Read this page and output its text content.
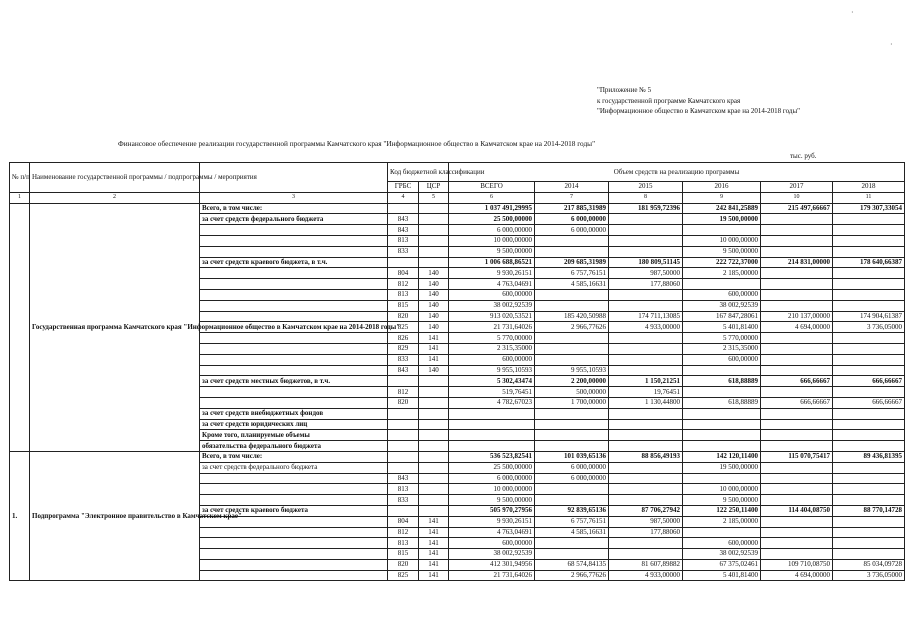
·
·
"Приложение № 5
к государственной программе Камчатского края
"Информационное общество в Камчатском крае на 2014-2018 годы"
Финансовое обеспечение реализации государственной программы Камчатского края "Информационное общество в Камчатском крае на 2014-2018 годы"
тыс. руб.
№ п/п	Наименование государственной программы / подпрограммы / мероприятия		Код бюджетной классификации		Объем средств на реализацию программы					
			ГРБС	ЦСР	ВСЕГО	2014	2015	2016	2017	2018
1	2	3	4	5	6	7	8	9	10	11
	Государственная программа Камчатского края "Информационное общество в Камчатском крае на 2014-2018 годы"	Всего, в том числе:			1 037 491,29995	217 885,31989	181 959,72396	242 841,25889	215 497,66667	179 307,33054
		за счет средств федерального бюджета	843		25 500,00000	6 000,00000		19 500,00000		
			843		6 000,00000	6 000,00000				
			813		10 000,00000			10 000,00000		
			833		9 500,00000			9 500,00000		
		за счет средств краевого бюджета, в т.ч.			1 006 688,86521	209 685,31989	180 809,51145	222 722,37000	214 831,00000	178 640,66387
			804	140	9 930,26151	6 757,76151	987,50000	2 185,00000		
			812	140	4 763,04691	4 585,16631	177,88060			
			813	140	600,00000			600,00000		
			815	140	38 002,92539			38 002,92539		
			820	140	913 020,53521	185 420,50988	174 711,13085	167 847,28061	210 137,00000	174 904,61387
			825	140	21 731,64026	2 966,77626	4 933,00000	5 401,81400	4 694,00000	3 736,05000
			826	141	5 770,00000			5 770,00000		
			829	141	2 315,35000			2 315,35000		
			833	141	600,00000			600,00000		
			843	140	9 955,10593	9 955,10593				
		за счет средств местных бюджетов, в т.ч.			5 302,43474	2 200,00000	1 150,21251	618,88889	666,66667	666,66667
			812		519,76451	500,00000	19,76451			
			820		4 782,67023	1 700,00000	1 130,44800	618,88889	666,66667	666,66667
		за счет средств внебюджетных фондов								
		за счет средств юридических лиц								
		Кроме того, планируемые объемы								
		обязательства федерального бюджета								
1.	Подпрограмма "Электронное правительство в Камчатском крае"	Всего, в том числе:			536 523,82541	101 039,65136	88 856,49193	142 120,11400	115 070,75417	89 436,81395
		за счет средств федерального бюджета			25 500,00000	6 000,00000		19 500,00000		
			843		6 000,00000	6 000,00000				
			813		10 000,00000			10 000,00000		
			833		9 500,00000			9 500,00000		
		за счет средств краевого бюджета			505 970,27956	92 839,65136	87 706,27942	122 250,11400	114 404,08750	88 770,14728
			804	141	9 930,26151	6 757,76151	987,50000	2 185,00000		
			812	141	4 763,04691	4 585,16631	177,88060			
			813	141	600,00000			600,00000		
			815	141	38 002,92539			38 002,92539		
			820	141	412 301,94956	68 574,84135	81 607,89882	67 375,02461	109 710,08750	85 034,09728
			825	141	21 731,64026	2 966,77626	4 933,00000	5 401,81400	4 694,00000	3 736,05000
